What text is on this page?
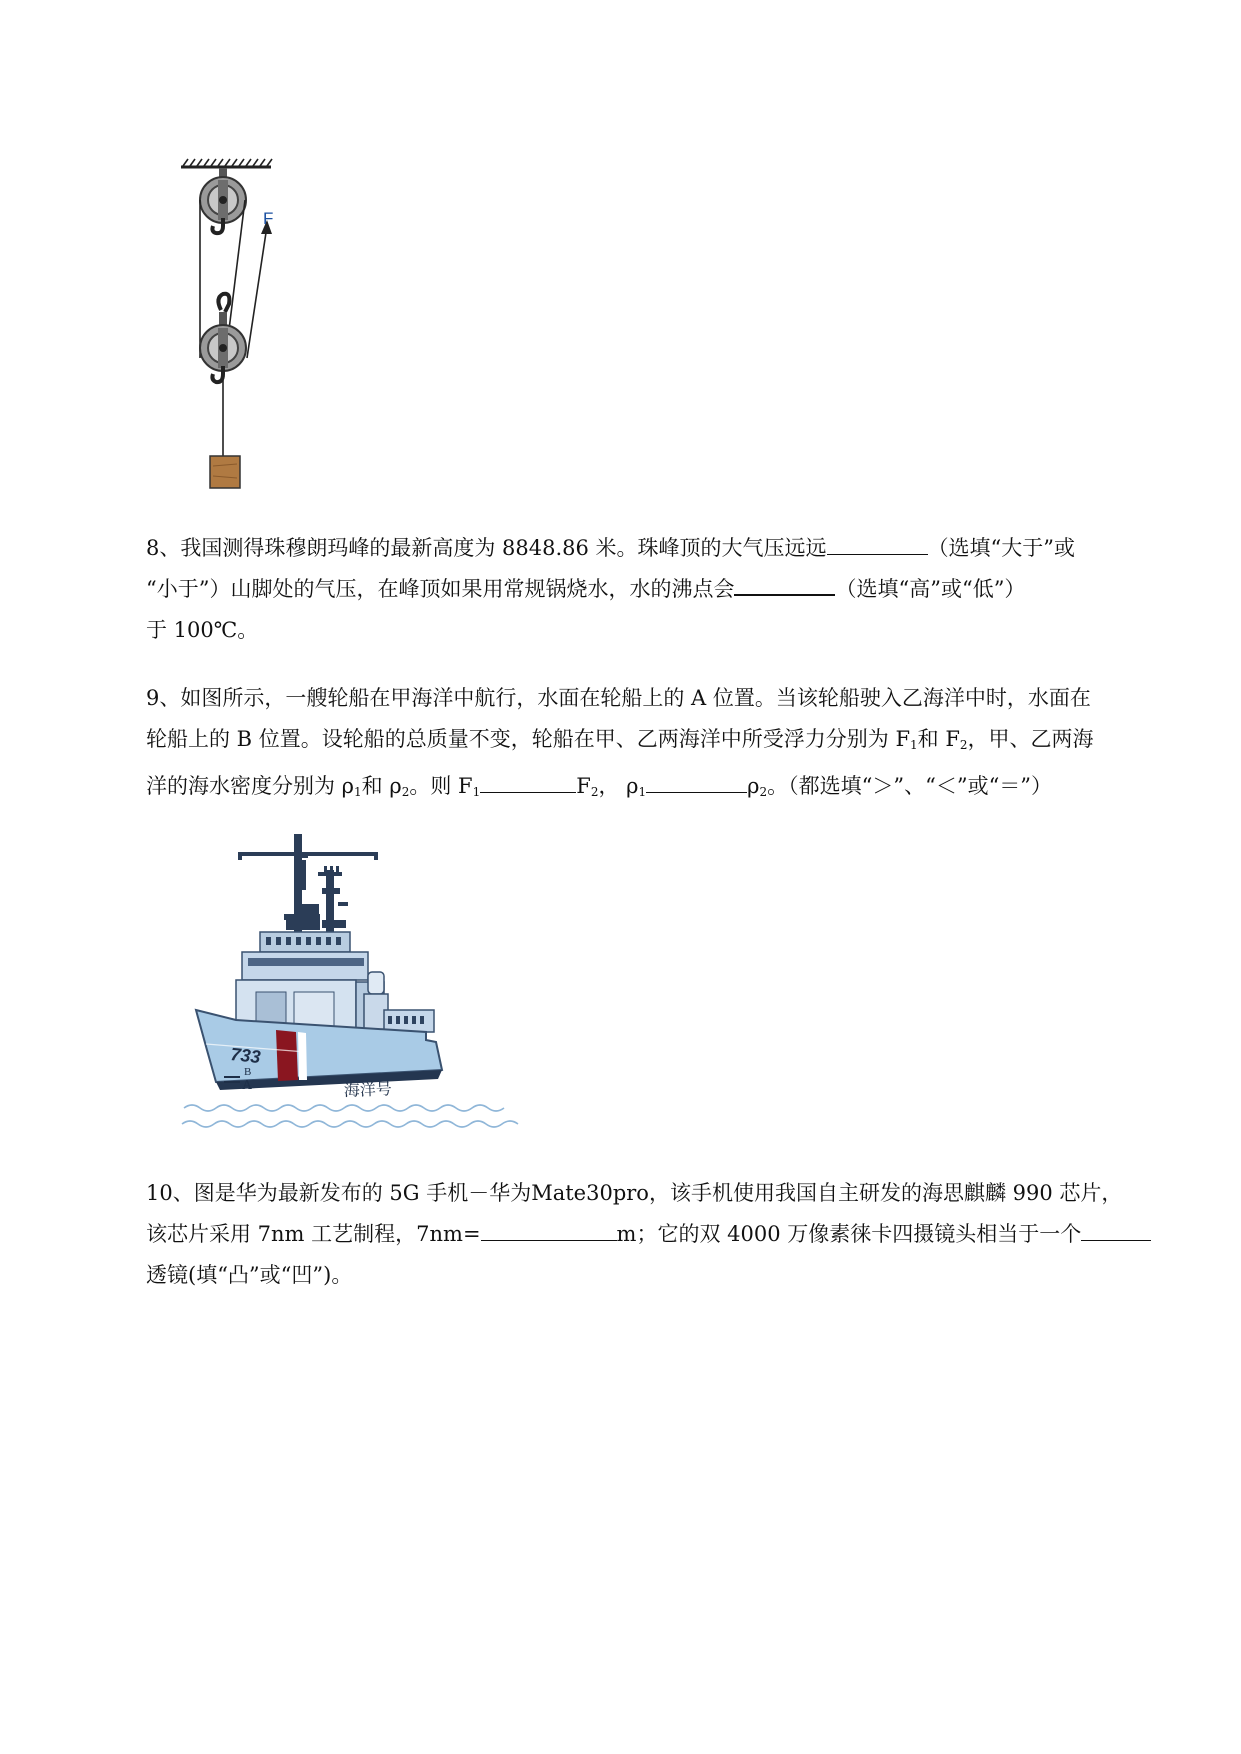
F

8、我国测得珠穆朗玛峰的最新高度为 8848.86 米。珠峰顶的大气压远远	（选填“大于”或

“小于”）山脚处的气压，在峰顶如果用常规锅烧水，水的沸点会	（选填“高”或“低”）

于 100℃。

9、如图所示，一艘轮船在甲海洋中航行，水面在轮船上的 A 位置。当该轮船驶入乙海洋中时，水面在

轮船上的 B 位置。设轮船的总质量不变，轮船在甲、乙两海洋中所受浮力分别为 $F_1$和 $F_2$，甲、乙两海

洋的海水密度分别为 $\rho_1$和 $\rho_2$。则 $F_1$	$F_2$， $\rho_1$	$\rho_2$。（都选填“＞”、“＜”或“＝”）

733
B
A	海洋号

10、图是华为最新发布的 5G 手机－华为Mate30pro，该手机使用我国自主研发的海思麒麟 990 芯片，

该芯片采用 7nm 工艺制程，7nm=	m；它的双 4000 万像素徕卡四摄镜头相当于一个

透镜(填“凸”或“凹”)。
